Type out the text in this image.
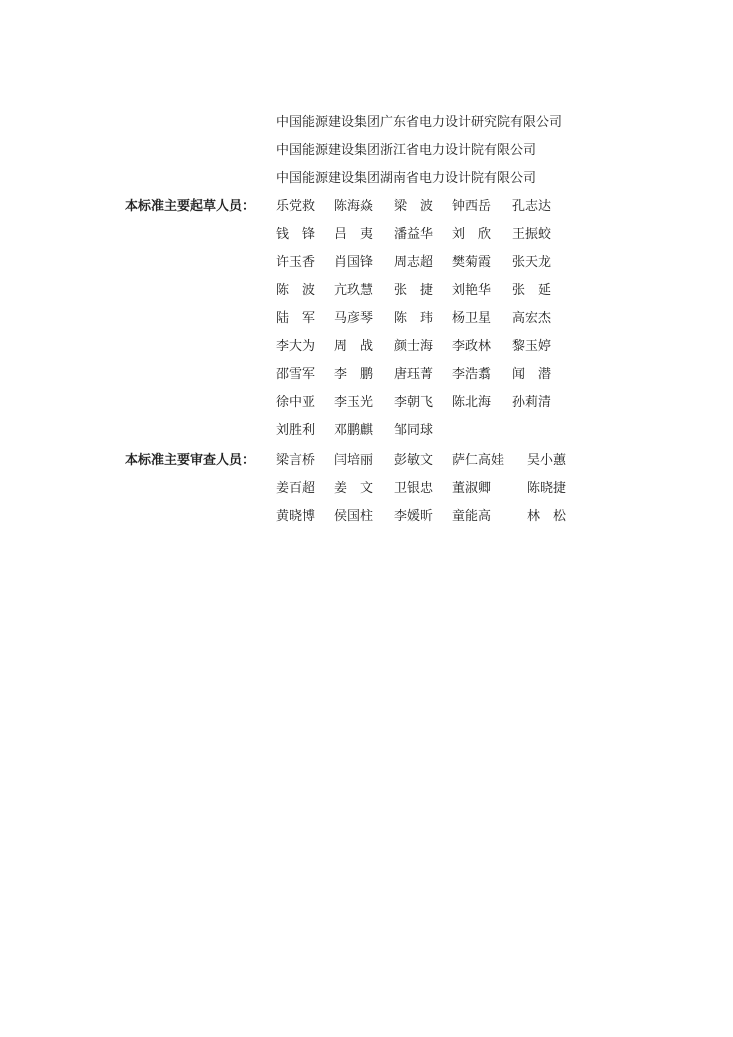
中国能源建设集团广东省电力设计研究院有限公司
中国能源建设集团浙江省电力设计院有限公司
中国能源建设集团湖南省电力设计院有限公司
本标准主要起草人员： 乐党救 陈海焱 梁　波 钟西岳 孔志达
钱　锋 吕　夷 潘益华 刘　欣 王振蛟
许玉香 肖国锋 周志超 樊菊霞 张天龙
陈　波 亢玖慧 张　捷 刘艳华 张　延
陆　军 马彦琴 陈　玮 杨卫星 高宏杰
李大为 周　战 颜士海 李政林 黎玉婷
邵雪军 李　鹏 唐珏菁 李浩翥 闻　潜
徐中亚 李玉光 李朝飞 陈北海 孙莉清
刘胜利 邓鹏麒 邹同球
本标准主要审查人员： 梁言桥 闫培丽 彭敏文 萨仁高娃 吴小蕙
姜百超 姜　文 卫银忠 董淑卿	陈晓捷
黄晓博 侯国柱 李媛昕 童能高	林　松
